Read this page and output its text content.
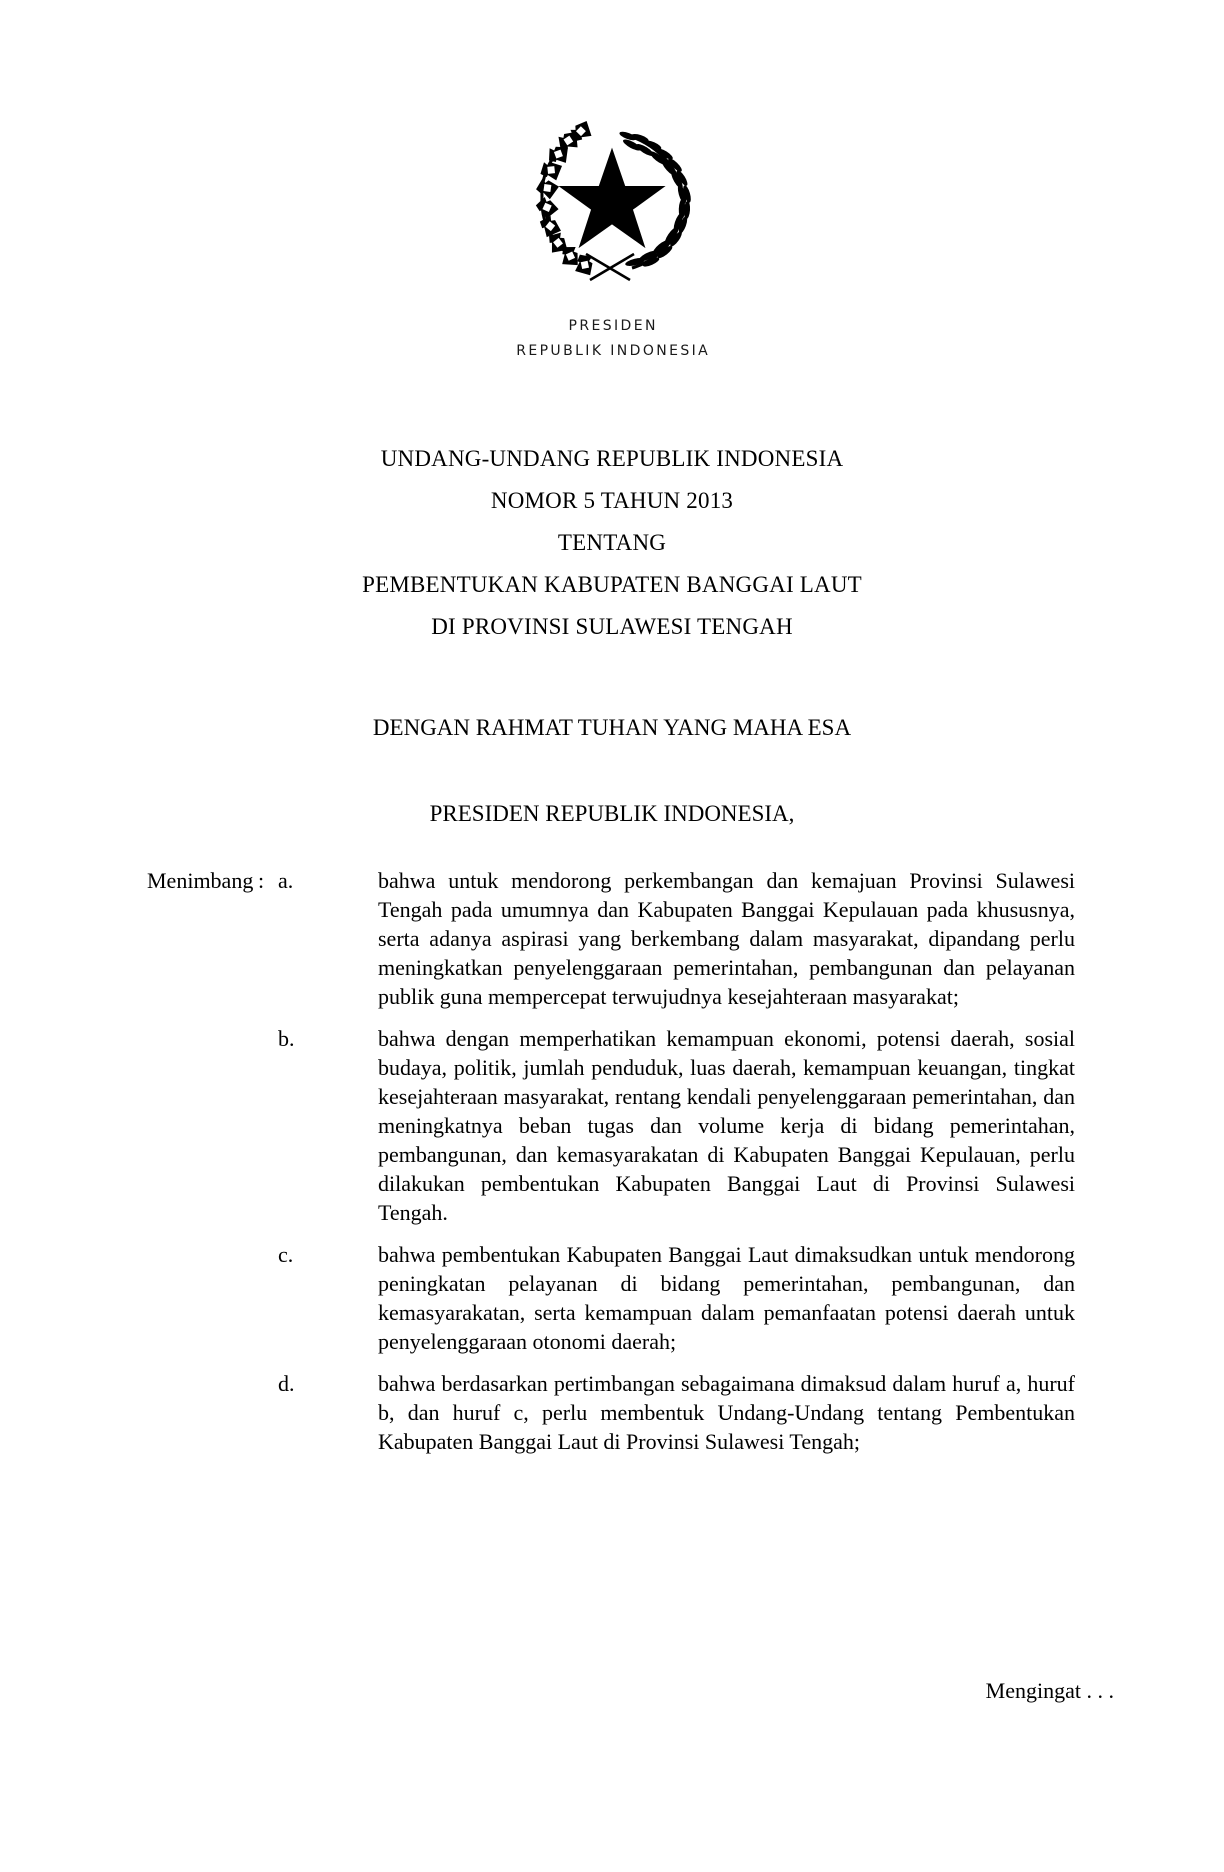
PRESIDEN
REPUBLIK INDONESIA
UNDANG-UNDANG REPUBLIK INDONESIA
NOMOR 5 TAHUN 2013
TENTANG
PEMBENTUKAN KABUPATEN BANGGAI LAUT
DI PROVINSI SULAWESI TENGAH
DENGAN RAHMAT TUHAN YANG MAHA ESA
PRESIDEN REPUBLIK INDONESIA,
Menimbang : a.	bahwa untuk mendorong perkembangan dan kemajuan Provinsi Sulawesi Tengah pada umumnya dan Kabupaten Banggai Kepulauan pada khususnya, serta adanya aspirasi yang berkembang dalam masyarakat, dipandang perlu meningkatkan penyelenggaraan pemerintahan, pembangunan dan pelayanan publik guna mempercepat terwujudnya kesejahteraan masyarakat;
b.	bahwa dengan memperhatikan kemampuan ekonomi, potensi daerah, sosial budaya, politik, jumlah penduduk, luas daerah, kemampuan keuangan, tingkat kesejahteraan masyarakat, rentang kendali penyelenggaraan pemerintahan, dan meningkatnya beban tugas dan volume kerja di bidang pemerintahan, pembangunan, dan kemasyarakatan di Kabupaten Banggai Kepulauan, perlu dilakukan pembentukan Kabupaten Banggai Laut di Provinsi Sulawesi Tengah.
c.	bahwa pembentukan Kabupaten Banggai Laut dimaksudkan untuk mendorong peningkatan pelayanan di bidang pemerintahan, pembangunan, dan kemasyarakatan, serta kemampuan dalam pemanfaatan potensi daerah untuk penyelenggaraan otonomi daerah;
d.	bahwa berdasarkan pertimbangan sebagaimana dimaksud dalam huruf a, huruf b, dan huruf c, perlu membentuk Undang-Undang tentang Pembentukan Kabupaten Banggai Laut di Provinsi Sulawesi Tengah;
Mengingat . . .
